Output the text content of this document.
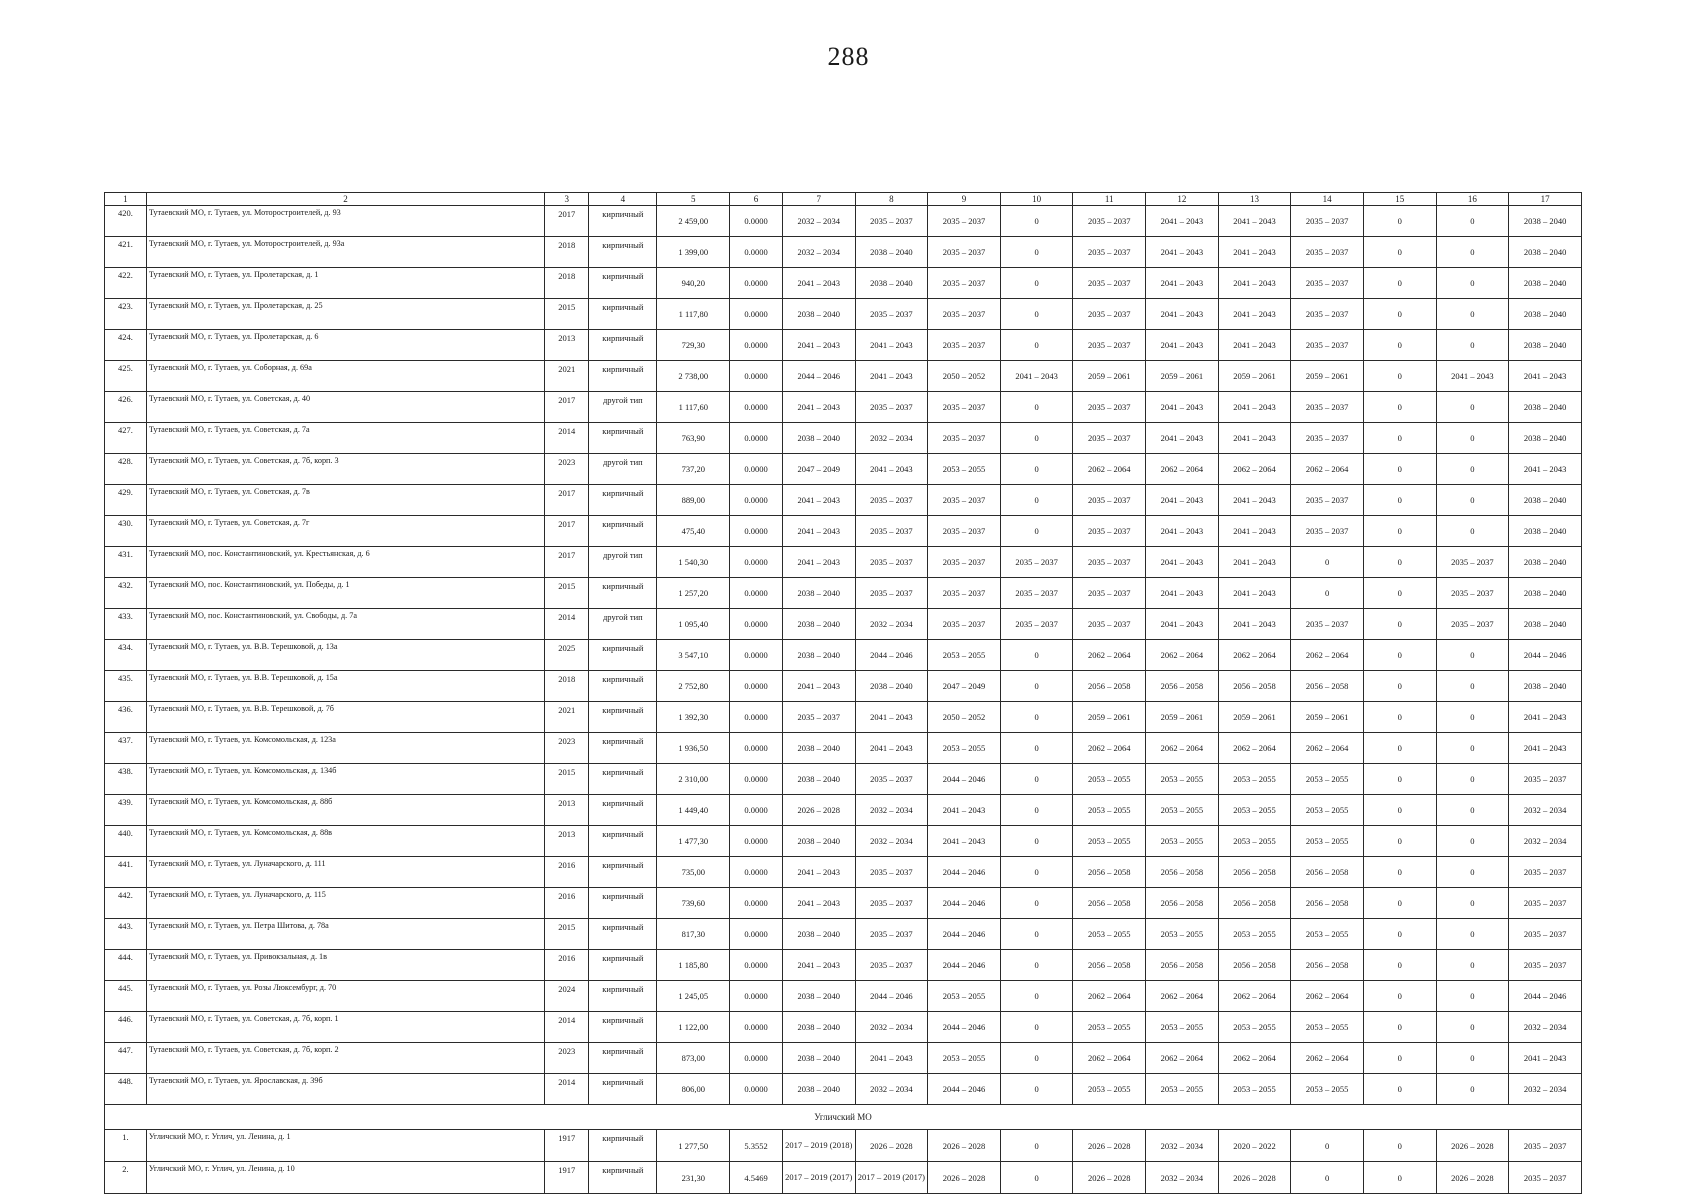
288
1	2	3	4	5	6	7	8	9	10	11	12	13	14	15	16	17
420.	Тутаевский МО, г. Тутаев, ул. Моторостроителей, д. 93	2017	кирпичный	2 459,00	0.0000	2032 – 2034	2035 – 2037	2035 – 2037	0	2035 – 2037	2041 – 2043	2041 – 2043	2035 – 2037	0	0	2038 – 2040
421.	Тутаевский МО, г. Тутаев, ул. Моторостроителей, д. 93а	2018	кирпичный	1 399,00	0.0000	2032 – 2034	2038 – 2040	2035 – 2037	0	2035 – 2037	2041 – 2043	2041 – 2043	2035 – 2037	0	0	2038 – 2040
422.	Тутаевский МО, г. Тутаев, ул. Пролетарская, д. 1	2018	кирпичный	940,20	0.0000	2041 – 2043	2038 – 2040	2035 – 2037	0	2035 – 2037	2041 – 2043	2041 – 2043	2035 – 2037	0	0	2038 – 2040
423.	Тутаевский МО, г. Тутаев, ул. Пролетарская, д. 25	2015	кирпичный	1 117,80	0.0000	2038 – 2040	2035 – 2037	2035 – 2037	0	2035 – 2037	2041 – 2043	2041 – 2043	2035 – 2037	0	0	2038 – 2040
424.	Тутаевский МО, г. Тутаев, ул. Пролетарская, д. 6	2013	кирпичный	729,30	0.0000	2041 – 2043	2041 – 2043	2035 – 2037	0	2035 – 2037	2041 – 2043	2041 – 2043	2035 – 2037	0	0	2038 – 2040
425.	Тутаевский МО, г. Тутаев, ул. Соборная, д. 69а	2021	кирпичный	2 738,00	0.0000	2044 – 2046	2041 – 2043	2050 – 2052	2041 – 2043	2059 – 2061	2059 – 2061	2059 – 2061	2059 – 2061	0	2041 – 2043	2041 – 2043
426.	Тутаевский МО, г. Тутаев, ул. Советская, д. 40	2017	другой тип	1 117,60	0.0000	2041 – 2043	2035 – 2037	2035 – 2037	0	2035 – 2037	2041 – 2043	2041 – 2043	2035 – 2037	0	0	2038 – 2040
427.	Тутаевский МО, г. Тутаев, ул. Советская, д. 7а	2014	кирпичный	763,90	0.0000	2038 – 2040	2032 – 2034	2035 – 2037	0	2035 – 2037	2041 – 2043	2041 – 2043	2035 – 2037	0	0	2038 – 2040
428.	Тутаевский МО, г. Тутаев, ул. Советская, д. 7б, корп. 3	2023	другой тип	737,20	0.0000	2047 – 2049	2041 – 2043	2053 – 2055	0	2062 – 2064	2062 – 2064	2062 – 2064	2062 – 2064	0	0	2041 – 2043
429.	Тутаевский МО, г. Тутаев, ул. Советская, д. 7в	2017	кирпичный	889,00	0.0000	2041 – 2043	2035 – 2037	2035 – 2037	0	2035 – 2037	2041 – 2043	2041 – 2043	2035 – 2037	0	0	2038 – 2040
430.	Тутаевский МО, г. Тутаев, ул. Советская, д. 7г	2017	кирпичный	475,40	0.0000	2041 – 2043	2035 – 2037	2035 – 2037	0	2035 – 2037	2041 – 2043	2041 – 2043	2035 – 2037	0	0	2038 – 2040
431.	Тутаевский МО, пос. Константиновский, ул. Крестьянская, д. 6	2017	другой тип	1 540,30	0.0000	2041 – 2043	2035 – 2037	2035 – 2037	2035 – 2037	2035 – 2037	2041 – 2043	2041 – 2043	0	0	2035 – 2037	2038 – 2040
432.	Тутаевский МО, пос. Константиновский, ул. Победы, д. 1	2015	кирпичный	1 257,20	0.0000	2038 – 2040	2035 – 2037	2035 – 2037	2035 – 2037	2035 – 2037	2041 – 2043	2041 – 2043	0	0	2035 – 2037	2038 – 2040
433.	Тутаевский МО, пос. Константиновский, ул. Свободы, д. 7а	2014	другой тип	1 095,40	0.0000	2038 – 2040	2032 – 2034	2035 – 2037	2035 – 2037	2035 – 2037	2041 – 2043	2041 – 2043	2035 – 2037	0	2035 – 2037	2038 – 2040
434.	Тутаевский МО, г. Тутаев, ул. В.В. Терешковой, д. 13а	2025	кирпичный	3 547,10	0.0000	2038 – 2040	2044 – 2046	2053 – 2055	0	2062 – 2064	2062 – 2064	2062 – 2064	2062 – 2064	0	0	2044 – 2046
435.	Тутаевский МО, г. Тутаев, ул. В.В. Терешковой, д. 15а	2018	кирпичный	2 752,80	0.0000	2041 – 2043	2038 – 2040	2047 – 2049	0	2056 – 2058	2056 – 2058	2056 – 2058	2056 – 2058	0	0	2038 – 2040
436.	Тутаевский МО, г. Тутаев, ул. В.В. Терешковой, д. 7б	2021	кирпичный	1 392,30	0.0000	2035 – 2037	2041 – 2043	2050 – 2052	0	2059 – 2061	2059 – 2061	2059 – 2061	2059 – 2061	0	0	2041 – 2043
437.	Тутаевский МО, г. Тутаев, ул. Комсомольская, д. 123а	2023	кирпичный	1 936,50	0.0000	2038 – 2040	2041 – 2043	2053 – 2055	0	2062 – 2064	2062 – 2064	2062 – 2064	2062 – 2064	0	0	2041 – 2043
438.	Тутаевский МО, г. Тутаев, ул. Комсомольская, д. 134б	2015	кирпичный	2 310,00	0.0000	2038 – 2040	2035 – 2037	2044 – 2046	0	2053 – 2055	2053 – 2055	2053 – 2055	2053 – 2055	0	0	2035 – 2037
439.	Тутаевский МО, г. Тутаев, ул. Комсомольская, д. 88б	2013	кирпичный	1 449,40	0.0000	2026 – 2028	2032 – 2034	2041 – 2043	0	2053 – 2055	2053 – 2055	2053 – 2055	2053 – 2055	0	0	2032 – 2034
440.	Тутаевский МО, г. Тутаев, ул. Комсомольская, д. 88в	2013	кирпичный	1 477,30	0.0000	2038 – 2040	2032 – 2034	2041 – 2043	0	2053 – 2055	2053 – 2055	2053 – 2055	2053 – 2055	0	0	2032 – 2034
441.	Тутаевский МО, г. Тутаев, ул. Луначарского, д. 111	2016	кирпичный	735,00	0.0000	2041 – 2043	2035 – 2037	2044 – 2046	0	2056 – 2058	2056 – 2058	2056 – 2058	2056 – 2058	0	0	2035 – 2037
442.	Тутаевский МО, г. Тутаев, ул. Луначарского, д. 115	2016	кирпичный	739,60	0.0000	2041 – 2043	2035 – 2037	2044 – 2046	0	2056 – 2058	2056 – 2058	2056 – 2058	2056 – 2058	0	0	2035 – 2037
443.	Тутаевский МО, г. Тутаев, ул. Петра Шитова, д. 78а	2015	кирпичный	817,30	0.0000	2038 – 2040	2035 – 2037	2044 – 2046	0	2053 – 2055	2053 – 2055	2053 – 2055	2053 – 2055	0	0	2035 – 2037
444.	Тутаевский МО, г. Тутаев, ул. Привокзальная, д. 1в	2016	кирпичный	1 185,80	0.0000	2041 – 2043	2035 – 2037	2044 – 2046	0	2056 – 2058	2056 – 2058	2056 – 2058	2056 – 2058	0	0	2035 – 2037
445.	Тутаевский МО, г. Тутаев, ул. Розы Люксембург, д. 70	2024	кирпичный	1 245,05	0.0000	2038 – 2040	2044 – 2046	2053 – 2055	0	2062 – 2064	2062 – 2064	2062 – 2064	2062 – 2064	0	0	2044 – 2046
446.	Тутаевский МО, г. Тутаев, ул. Советская, д. 7б, корп. 1	2014	кирпичный	1 122,00	0.0000	2038 – 2040	2032 – 2034	2044 – 2046	0	2053 – 2055	2053 – 2055	2053 – 2055	2053 – 2055	0	0	2032 – 2034
447.	Тутаевский МО, г. Тутаев, ул. Советская, д. 7б, корп. 2	2023	кирпичный	873,00	0.0000	2038 – 2040	2041 – 2043	2053 – 2055	0	2062 – 2064	2062 – 2064	2062 – 2064	2062 – 2064	0	0	2041 – 2043
448.	Тутаевский МО, г. Тутаев, ул. Ярославская, д. 39б	2014	кирпичный	806,00	0.0000	2038 – 2040	2032 – 2034	2044 – 2046	0	2053 – 2055	2053 – 2055	2053 – 2055	2053 – 2055	0	0	2032 – 2034
Угличский МО																
1.	Угличский МО, г. Углич, ул. Ленина, д. 1	1917	кирпичный	1 277,50	5.3552	2017 – 2019 (2018)	2026 – 2028	2026 – 2028	0	2026 – 2028	2032 – 2034	2020 – 2022	0	0	2026 – 2028	2035 – 2037
2.	Угличский МО, г. Углич, ул. Ленина, д. 10	1917	кирпичный	231,30	4.5469	2017 – 2019 (2017)	2017 – 2019 (2017)	2026 – 2028	0	2026 – 2028	2032 – 2034	2026 – 2028	0	0	2026 – 2028	2035 – 2037
